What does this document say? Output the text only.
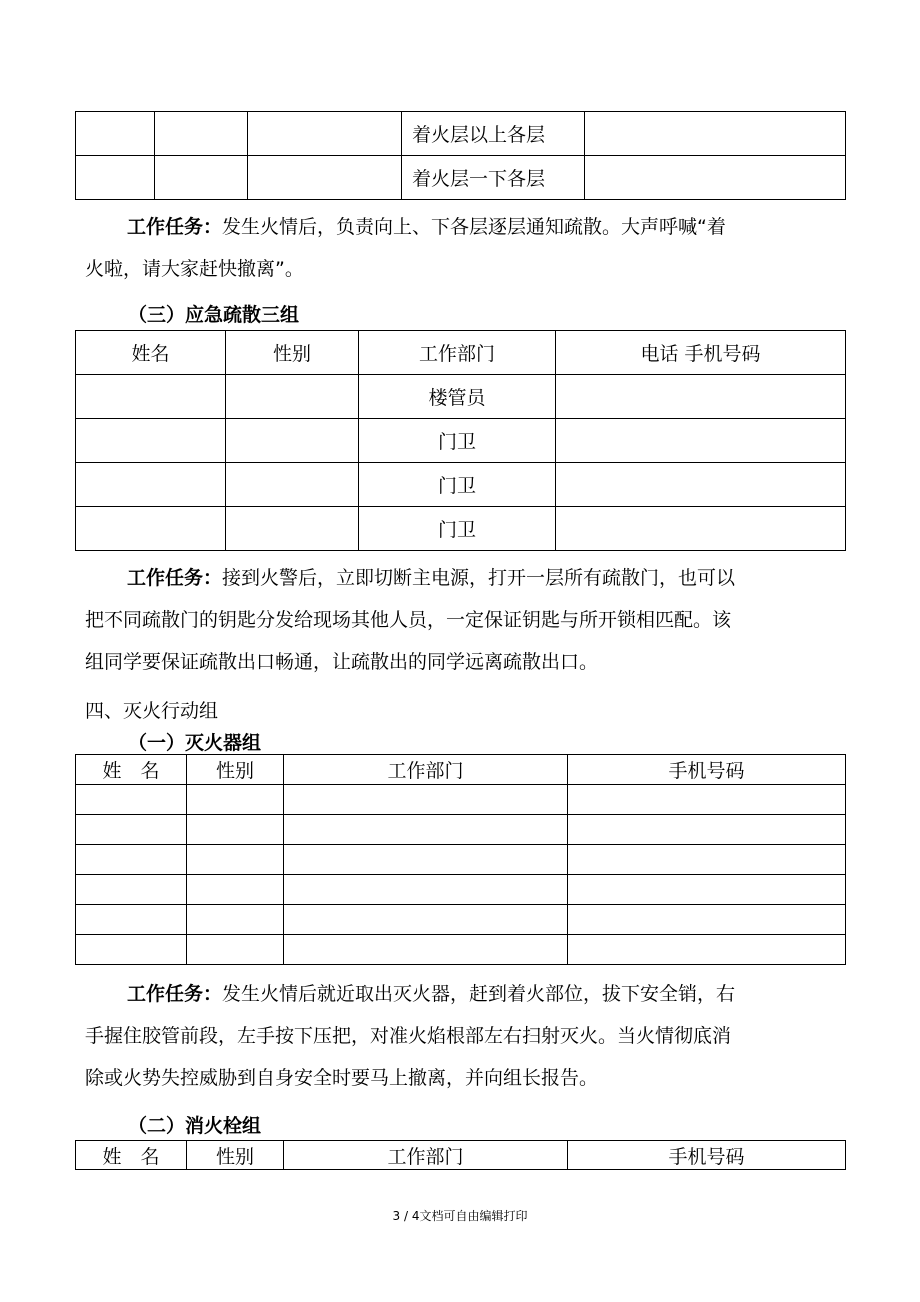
			着火层以上各层	
			着火层一下各层	
工作任务：发生火情后，负责向上、下各层逐层通知疏散。大声呼喊“着
火啦，请大家赶快撤离”。
（三）应急疏散三组
姓名	性别	工作部门	电话 手机号码
		楼管员	
		门卫	
		门卫	
		门卫	
工作任务：接到火警后，立即切断主电源，打开一层所有疏散门，也可以
把不同疏散门的钥匙分发给现场其他人员，一定保证钥匙与所开锁相匹配。该
组同学要保证疏散出口畅通，让疏散出的同学远离疏散出口。
四、灭火行动组
（一）灭火器组
姓　名	性别	工作部门	手机号码

工作任务：发生火情后就近取出灭火器，赶到着火部位，拔下安全销，右
手握住胶管前段，左手按下压把，对准火焰根部左右扫射灭火。当火情彻底消
除或火势失控威胁到自身安全时要马上撤离，并向组长报告。
（二）消火栓组
姓　名	性别	工作部门	手机号码
3 / 4文档可自由编辑打印
